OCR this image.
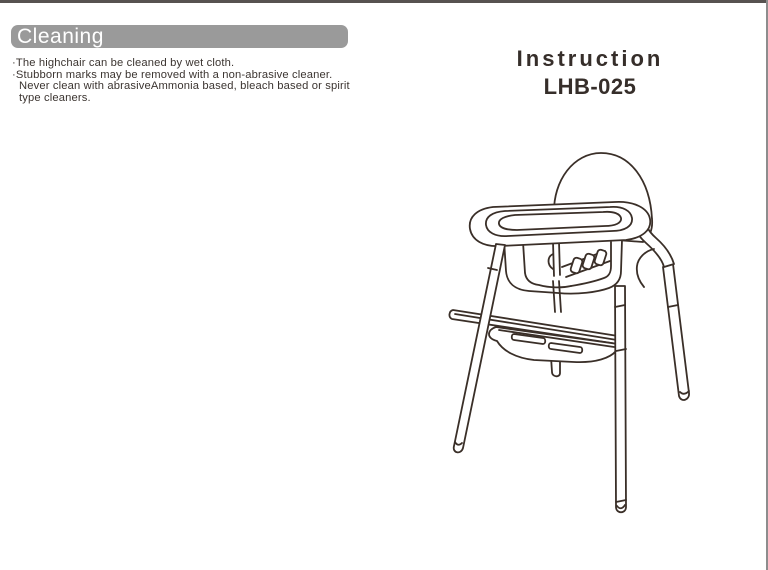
Cleaning
·The highchair can be cleaned by wet cloth.
·Stubborn marks may be removed with a non-abrasive cleaner.
Never clean with abrasiveAmmonia based, bleach based or spirit
type cleaners.
Instruction
LHB-025
